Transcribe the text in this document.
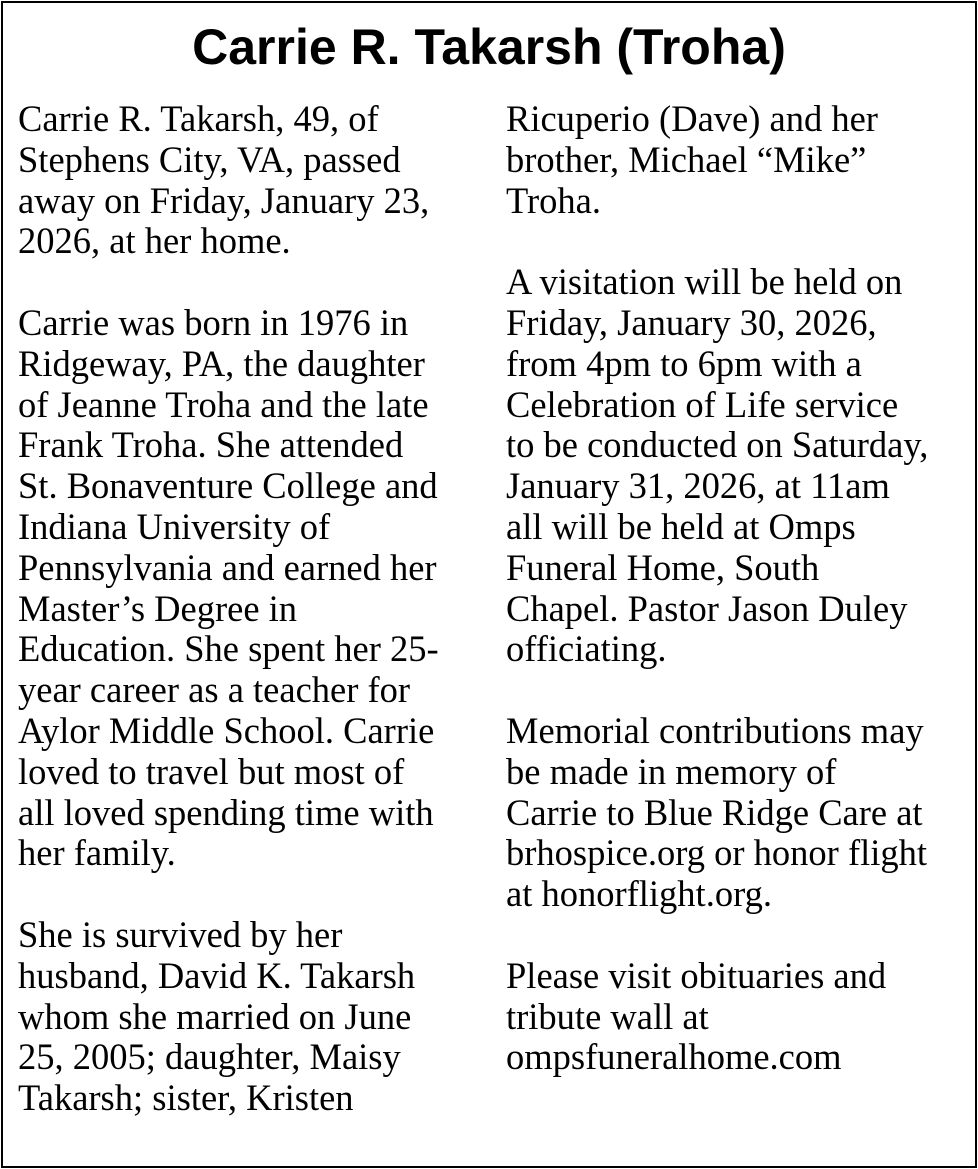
Carrie R. Takarsh (Troha)
Carrie R. Takarsh, 49, of
Stephens City, VA, passed
away on Friday, January 23,
2026, at her home.
Carrie was born in 1976 in
Ridgeway, PA, the daughter
of Jeanne Troha and the late
Frank Troha. She attended
St. Bonaventure College and
Indiana University of
Pennsylvania and earned her
Master’s Degree in
Education. She spent her 25-
year career as a teacher for
Aylor Middle School. Carrie
loved to travel but most of
all loved spending time with
her family.
She is survived by her
husband, David K. Takarsh
whom she married on June
25, 2005; daughter, Maisy
Takarsh; sister, Kristen
Ricuperio (Dave) and her
brother, Michael “Mike”
Troha.
A visitation will be held on
Friday, January 30, 2026,
from 4pm to 6pm with a
Celebration of Life service
to be conducted on Saturday,
January 31, 2026, at 11am
all will be held at Omps
Funeral Home, South
Chapel. Pastor Jason Duley
officiating.
Memorial contributions may
be made in memory of
Carrie to Blue Ridge Care at
brhospice.org or honor flight
at honorflight.org.
Please visit obituaries and
tribute wall at
ompsfuneralhome.com
